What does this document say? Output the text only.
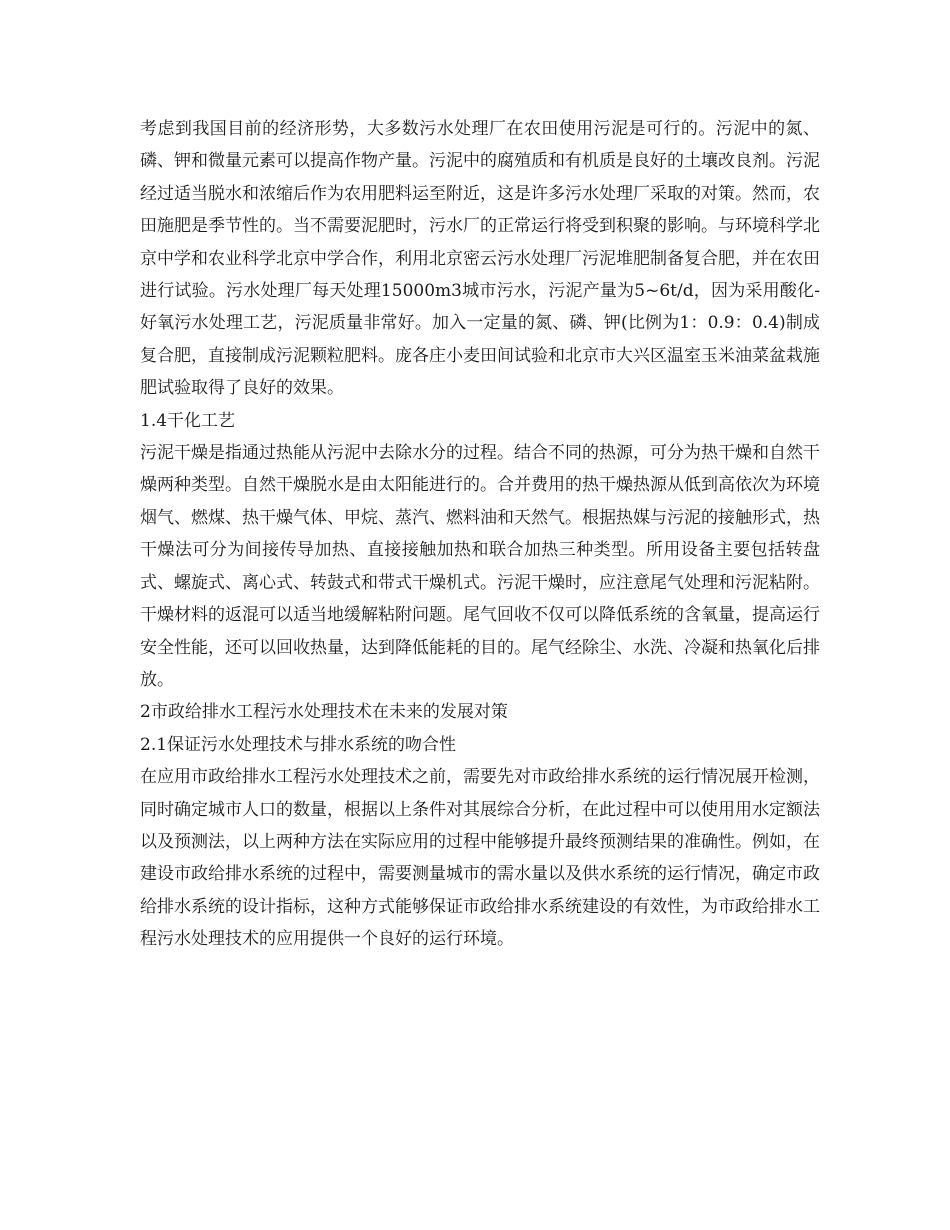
考虑到我国目前的经济形势，大多数污水处理厂在农田使用污泥是可行的。污泥中的氮、磷、钾和微量元素可以提高作物产量。污泥中的腐殖质和有机质是良好的土壤改良剂。污泥经过适当脱水和浓缩后作为农用肥料运至附近，这是许多污水处理厂采取的对策。然而，农田施肥是季节性的。当不需要泥肥时，污水厂的正常运行将受到积聚的影响。与环境科学北京中学和农业科学北京中学合作，利用北京密云污水处理厂污泥堆肥制备复合肥，并在农田进行试验。污水处理厂每天处理15000m3城市污水，污泥产量为5~6t/d，因为采用酸化-好氧污水处理工艺，污泥质量非常好。加入一定量的氮、磷、钾(比例为1：0.9：0.4)制成复合肥，直接制成污泥颗粒肥料。庞各庄小麦田间试验和北京市大兴区温室玉米油菜盆栽施肥试验取得了良好的效果。

1.4干化工艺

污泥干燥是指通过热能从污泥中去除水分的过程。结合不同的热源，可分为热干燥和自然干燥两种类型。自然干燥脱水是由太阳能进行的。合并费用的热干燥热源从低到高依次为环境烟气、燃煤、热干燥气体、甲烷、蒸汽、燃料油和天然气。根据热媒与污泥的接触形式，热干燥法可分为间接传导加热、直接接触加热和联合加热三种类型。所用设备主要包括转盘式、螺旋式、离心式、转鼓式和带式干燥机式。污泥干燥时，应注意尾气处理和污泥粘附。干燥材料的返混可以适当地缓解粘附问题。尾气回收不仅可以降低系统的含氧量，提高运行安全性能，还可以回收热量，达到降低能耗的目的。尾气经除尘、水洗、冷凝和热氧化后排放。

2市政给排水工程污水处理技术在未来的发展对策

2.1保证污水处理技术与排水系统的吻合性

在应用市政给排水工程污水处理技术之前，需要先对市政给排水系统的运行情况展开检测，同时确定城市人口的数量，根据以上条件对其展综合分析，在此过程中可以使用用水定额法以及预测法，以上两种方法在实际应用的过程中能够提升最终预测结果的准确性。例如，在建设市政给排水系统的过程中，需要测量城市的需水量以及供水系统的运行情况，确定市政给排水系统的设计指标，这种方式能够保证市政给排水系统建设的有效性，为市政给排水工程污水处理技术的应用提供一个良好的运行环境。
